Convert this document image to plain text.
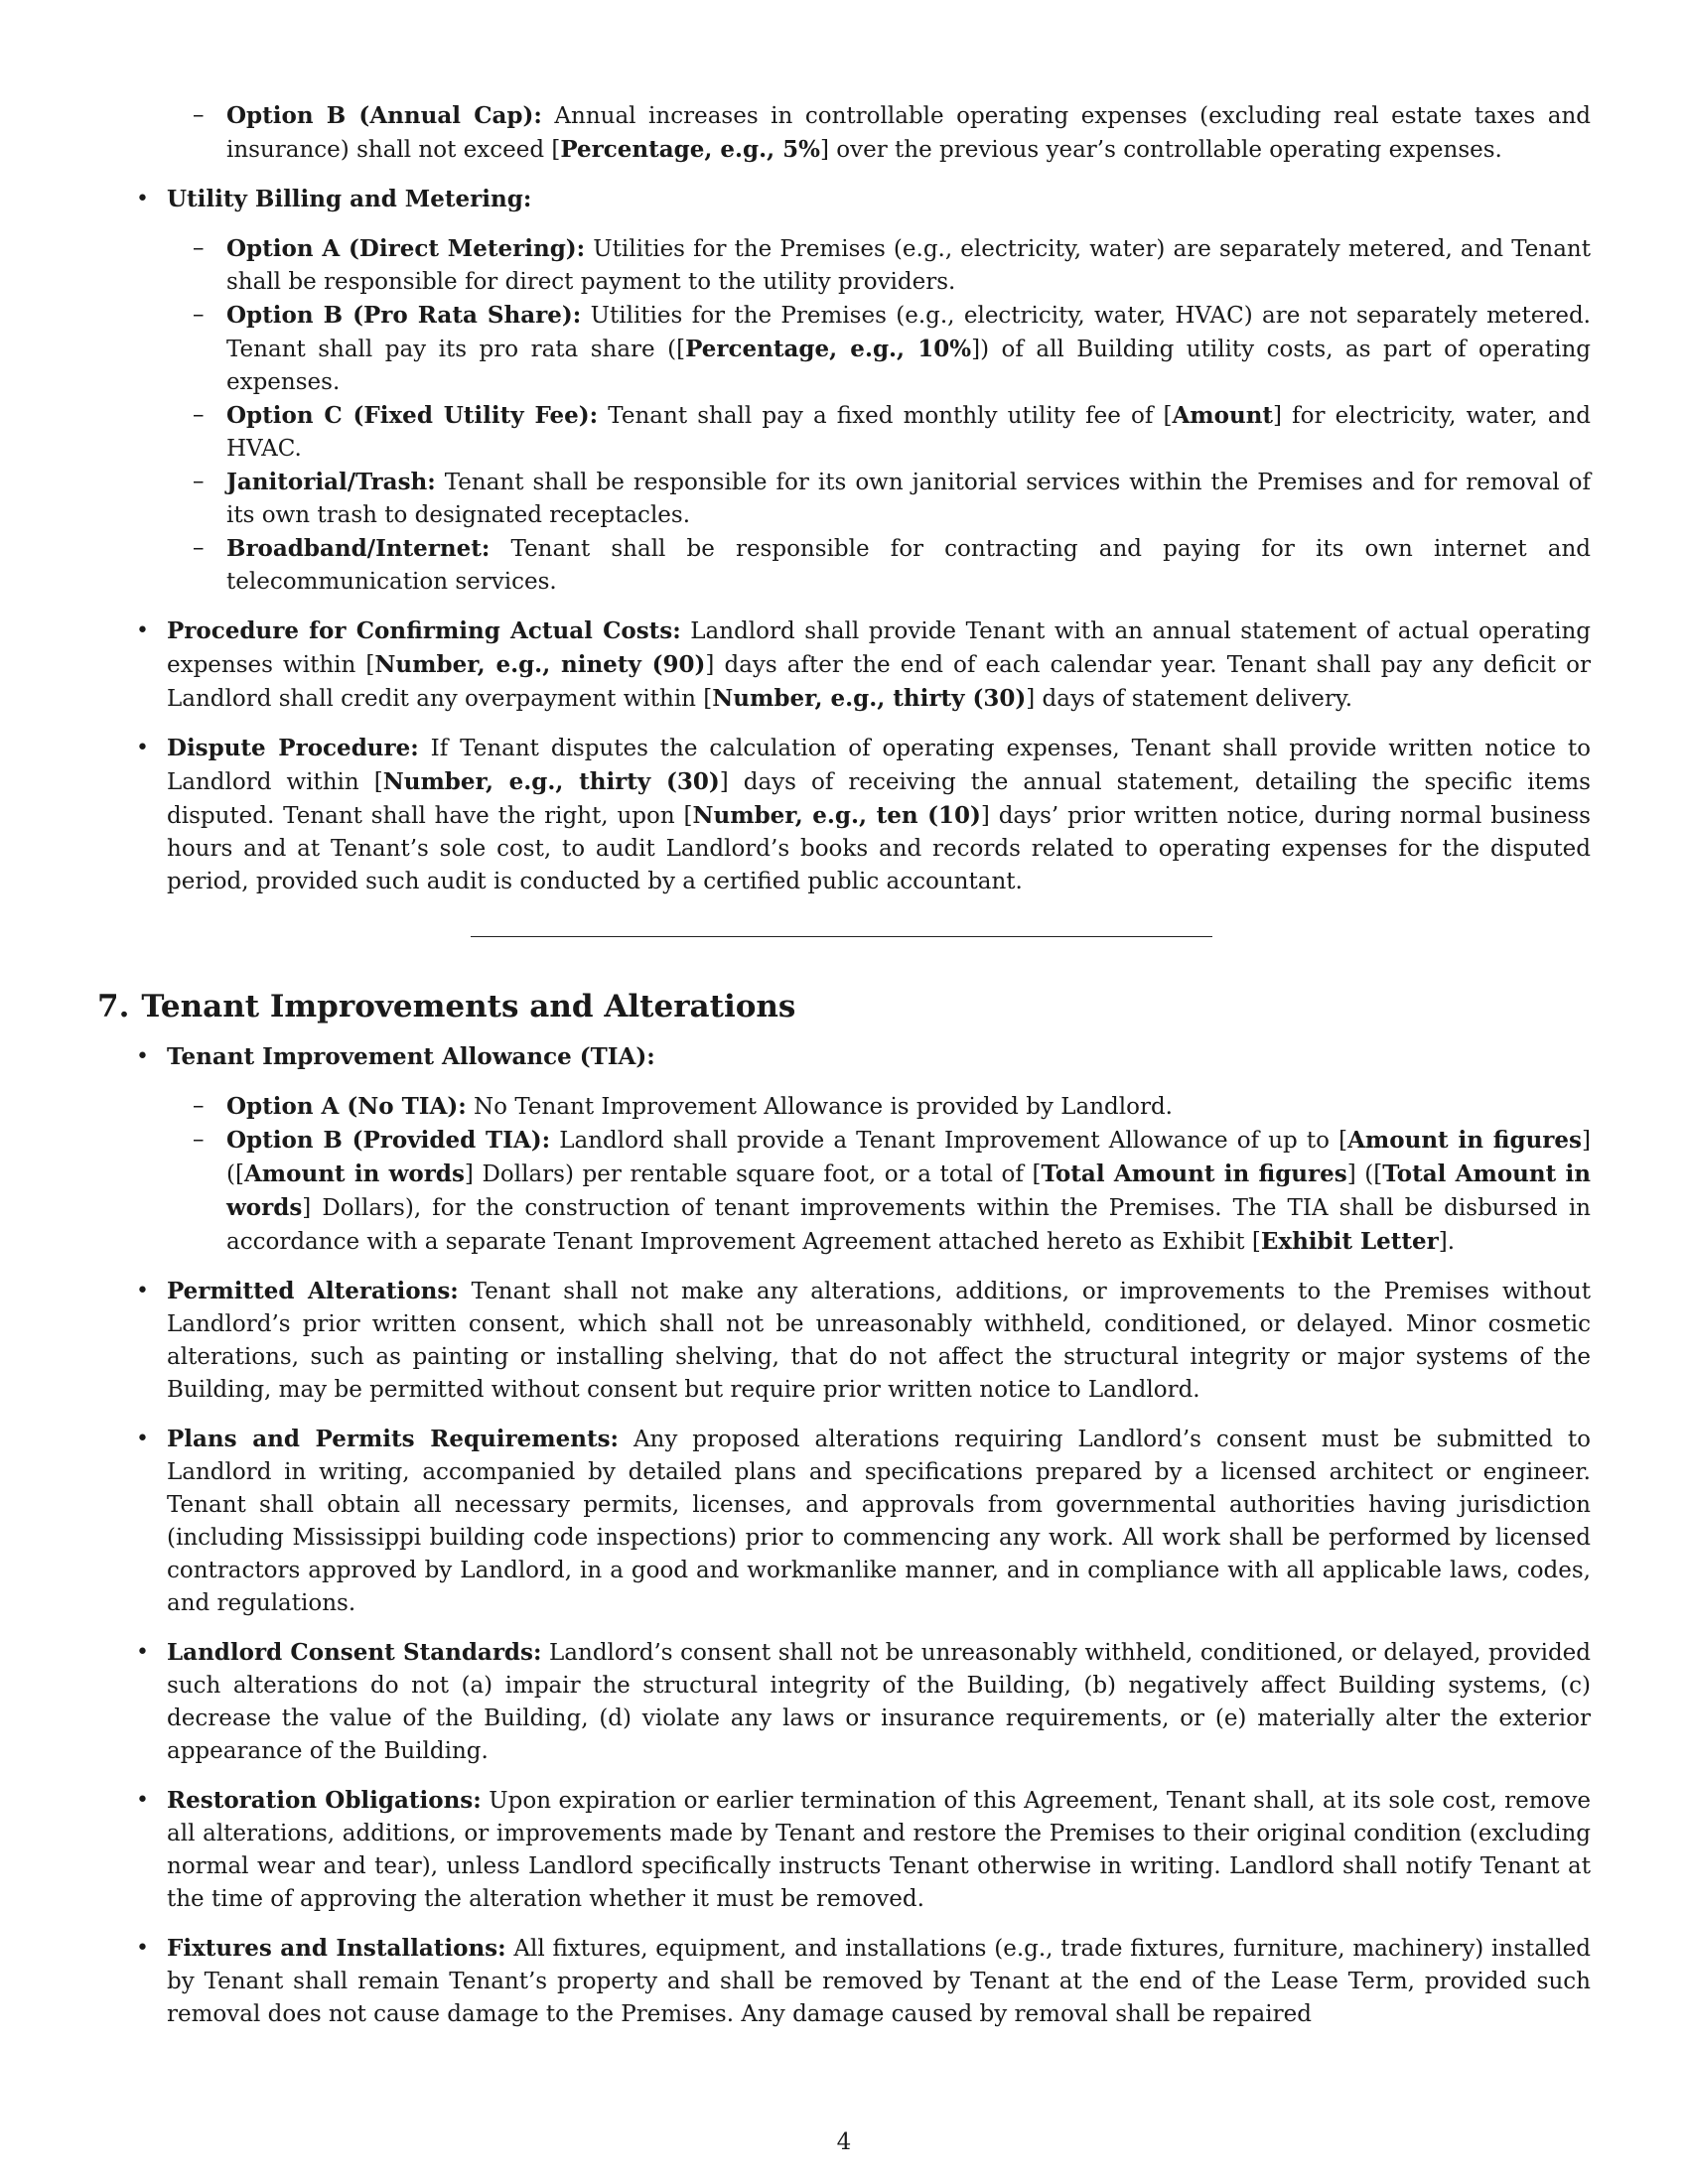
– Option B (Annual Cap): Annual increases in controllable operating expenses (excluding real estate taxes and insurance) shall not exceed [Percentage, e.g., 5%] over the previous year’s controllable operating expenses.
• Utility Billing and Metering:
– Option A (Direct Metering): Utilities for the Premises (e.g., electricity, water) are separately metered, and Tenant shall be responsible for direct payment to the utility providers.
– Option B (Pro Rata Share): Utilities for the Premises (e.g., electricity, water, HVAC) are not separately metered. Tenant shall pay its pro rata share ([Percentage, e.g., 10%]) of all Building utility costs, as part of operating expenses.
– Option C (Fixed Utility Fee): Tenant shall pay a fixed monthly utility fee of [Amount] for electricity, water, and HVAC.
– Janitorial/Trash: Tenant shall be responsible for its own janitorial services within the Premises and for removal of its own trash to designated receptacles.
– Broadband/Internet: Tenant shall be responsible for contracting and paying for its own internet and telecommunication services.
• Procedure for Confirming Actual Costs: Landlord shall provide Tenant with an annual statement of actual operating expenses within [Number, e.g., ninety (90)] days after the end of each calendar year. Tenant shall pay any deficit or Landlord shall credit any overpayment within [Number, e.g., thirty (30)] days of statement delivery.
• Dispute Procedure: If Tenant disputes the calculation of operating expenses, Tenant shall provide written notice to Landlord within [Number, e.g., thirty (30)] days of receiving the annual statement, detailing the specific items disputed. Tenant shall have the right, upon [Number, e.g., ten (10)] days’ prior written notice, during normal business hours and at Tenant’s sole cost, to audit Landlord’s books and records related to operating expenses for the disputed period, provided such audit is conducted by a certified public accountant.
7. Tenant Improvements and Alterations
• Tenant Improvement Allowance (TIA):
– Option A (No TIA): No Tenant Improvement Allowance is provided by Landlord.
– Option B (Provided TIA): Landlord shall provide a Tenant Improvement Allowance of up to [Amount in figures] ([Amount in words] Dollars) per rentable square foot, or a total of [Total Amount in figures] ([Total Amount in words] Dollars), for the construction of tenant improvements within the Premises. The TIA shall be disbursed in accordance with a separate Tenant Improvement Agreement attached hereto as Exhibit [Exhibit Letter].
• Permitted Alterations: Tenant shall not make any alterations, additions, or improvements to the Premises without Landlord’s prior written consent, which shall not be unreasonably withheld, conditioned, or delayed. Minor cosmetic alterations, such as painting or installing shelving, that do not affect the structural integrity or major systems of the Building, may be permitted without consent but require prior written notice to Landlord.
• Plans and Permits Requirements: Any proposed alterations requiring Landlord’s consent must be submitted to Landlord in writing, accompanied by detailed plans and specifications prepared by a licensed architect or engineer. Tenant shall obtain all necessary permits, licenses, and approvals from governmental authorities having jurisdiction (including Mississippi building code inspections) prior to commencing any work. All work shall be performed by licensed contractors approved by Landlord, in a good and workmanlike manner, and in compliance with all applicable laws, codes, and regulations.
• Landlord Consent Standards: Landlord’s consent shall not be unreasonably withheld, conditioned, or delayed, provided such alterations do not (a) impair the structural integrity of the Building, (b) negatively affect Building systems, (c) decrease the value of the Building, (d) violate any laws or insurance requirements, or (e) materially alter the exterior appearance of the Building.
• Restoration Obligations: Upon expiration or earlier termination of this Agreement, Tenant shall, at its sole cost, remove all alterations, additions, or improvements made by Tenant and restore the Premises to their original condition (excluding normal wear and tear), unless Landlord specifically instructs Tenant otherwise in writing. Landlord shall notify Tenant at the time of approving the alteration whether it must be removed.
• Fixtures and Installations: All fixtures, equipment, and installations (e.g., trade fixtures, furniture, machinery) installed by Tenant shall remain Tenant’s property and shall be removed by Tenant at the end of the Lease Term, provided such removal does not cause damage to the Premises. Any damage caused by removal shall be repaired
4
